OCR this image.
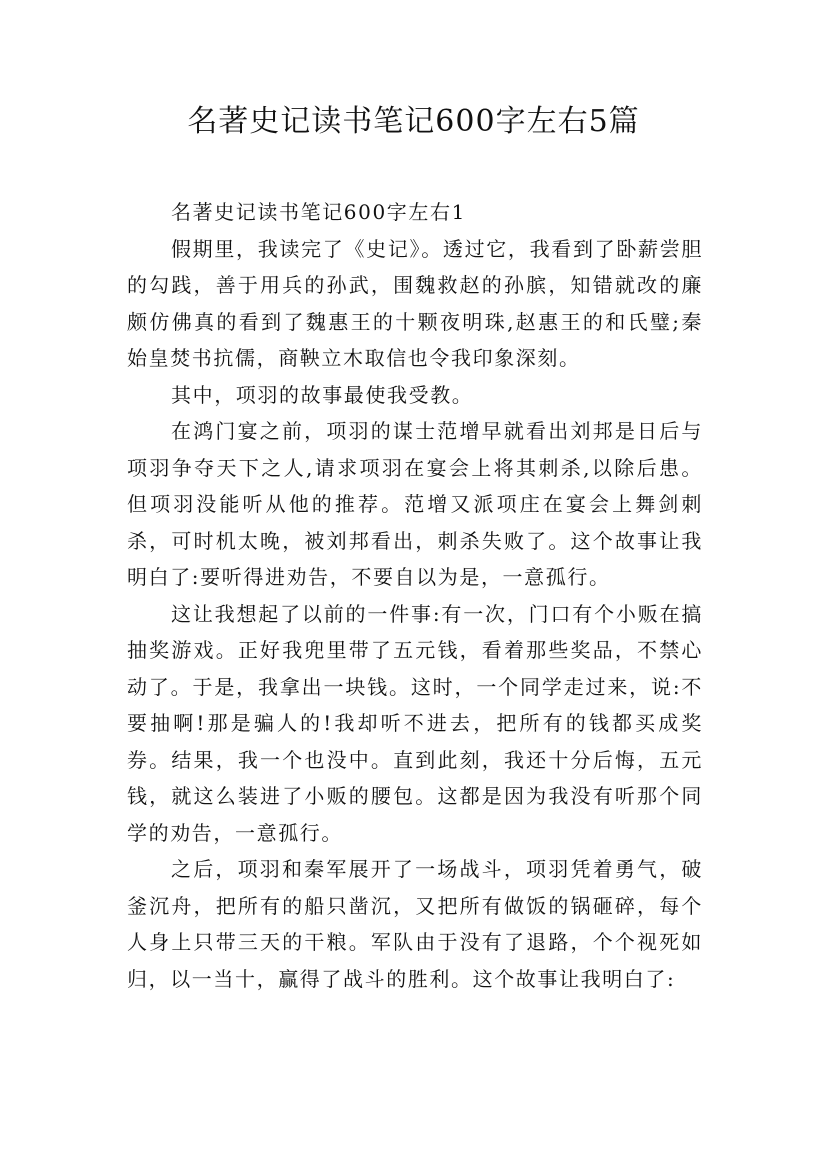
名著史记读书笔记600字左右5篇

名著史记读书笔记600字左右1

假期里，我读完了《史记》。透过它，我看到了卧薪尝胆的勾践，善于用兵的孙武，围魏救赵的孙膑，知错就改的廉颇仿佛真的看到了魏惠王的十颗夜明珠,赵惠王的和氏璧;秦始皇焚书抗儒，商鞅立木取信也令我印象深刻。

其中，项羽的故事最使我受教。

在鸿门宴之前，项羽的谋士范增早就看出刘邦是日后与项羽争夺天下之人,请求项羽在宴会上将其刺杀,以除后患。但项羽没能听从他的推荐。范增又派项庄在宴会上舞剑刺杀，可时机太晚，被刘邦看出，刺杀失败了。这个故事让我明白了:要听得进劝告，不要自以为是，一意孤行。

这让我想起了以前的一件事:有一次，门口有个小贩在搞抽奖游戏。正好我兜里带了五元钱，看着那些奖品，不禁心动了。于是，我拿出一块钱。这时，一个同学走过来，说:不要抽啊!那是骗人的!我却听不进去，把所有的钱都买成奖券。结果，我一个也没中。直到此刻，我还十分后悔，五元钱，就这么装进了小贩的腰包。这都是因为我没有听那个同学的劝告，一意孤行。

之后，项羽和秦军展开了一场战斗，项羽凭着勇气，破釜沉舟，把所有的船只凿沉，又把所有做饭的锅砸碎，每个人身上只带三天的干粮。军队由于没有了退路，个个视死如归，以一当十，赢得了战斗的胜利。这个故事让我明白了:
